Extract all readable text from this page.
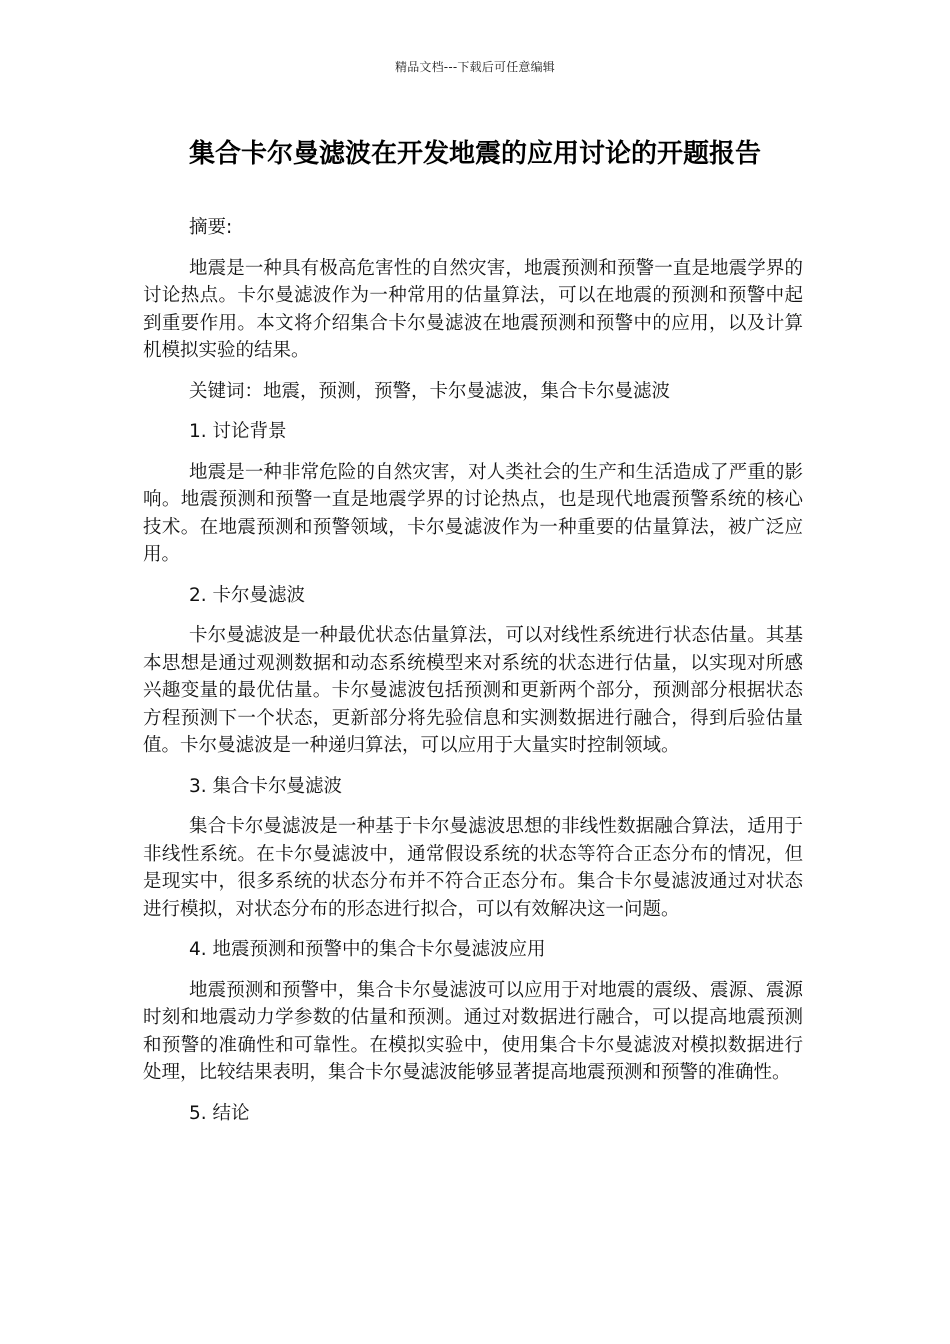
精品文档---下载后可任意编辑
集合卡尔曼滤波在开发地震的应用讨论的开题报告

摘要:

地震是一种具有极高危害性的自然灾害，地震预测和预警一直是地震学界的讨论热点。卡尔曼滤波作为一种常用的估量算法，可以在地震的预测和预警中起到重要作用。本文将介绍集合卡尔曼滤波在地震预测和预警中的应用，以及计算机模拟实验的结果。

关键词：地震，预测，预警，卡尔曼滤波，集合卡尔曼滤波

1. 讨论背景

地震是一种非常危险的自然灾害，对人类社会的生产和生活造成了严重的影响。地震预测和预警一直是地震学界的讨论热点，也是现代地震预警系统的核心技术。在地震预测和预警领域，卡尔曼滤波作为一种重要的估量算法，被广泛应用。

2. 卡尔曼滤波

卡尔曼滤波是一种最优状态估量算法，可以对线性系统进行状态估量。其基本思想是通过观测数据和动态系统模型来对系统的状态进行估量，以实现对所感兴趣变量的最优估量。卡尔曼滤波包括预测和更新两个部分，预测部分根据状态方程预测下一个状态，更新部分将先验信息和实测数据进行融合，得到后验估量值。卡尔曼滤波是一种递归算法，可以应用于大量实时控制领域。

3. 集合卡尔曼滤波

集合卡尔曼滤波是一种基于卡尔曼滤波思想的非线性数据融合算法，适用于非线性系统。在卡尔曼滤波中，通常假设系统的状态等符合正态分布的情况，但是现实中，很多系统的状态分布并不符合正态分布。集合卡尔曼滤波通过对状态进行模拟，对状态分布的形态进行拟合，可以有效解决这一问题。

4. 地震预测和预警中的集合卡尔曼滤波应用

地震预测和预警中，集合卡尔曼滤波可以应用于对地震的震级、震源、震源时刻和地震动力学参数的估量和预测。通过对数据进行融合，可以提高地震预测和预警的准确性和可靠性。在模拟实验中，使用集合卡尔曼滤波对模拟数据进行处理，比较结果表明，集合卡尔曼滤波能够显著提高地震预测和预警的准确性。

5. 结论
